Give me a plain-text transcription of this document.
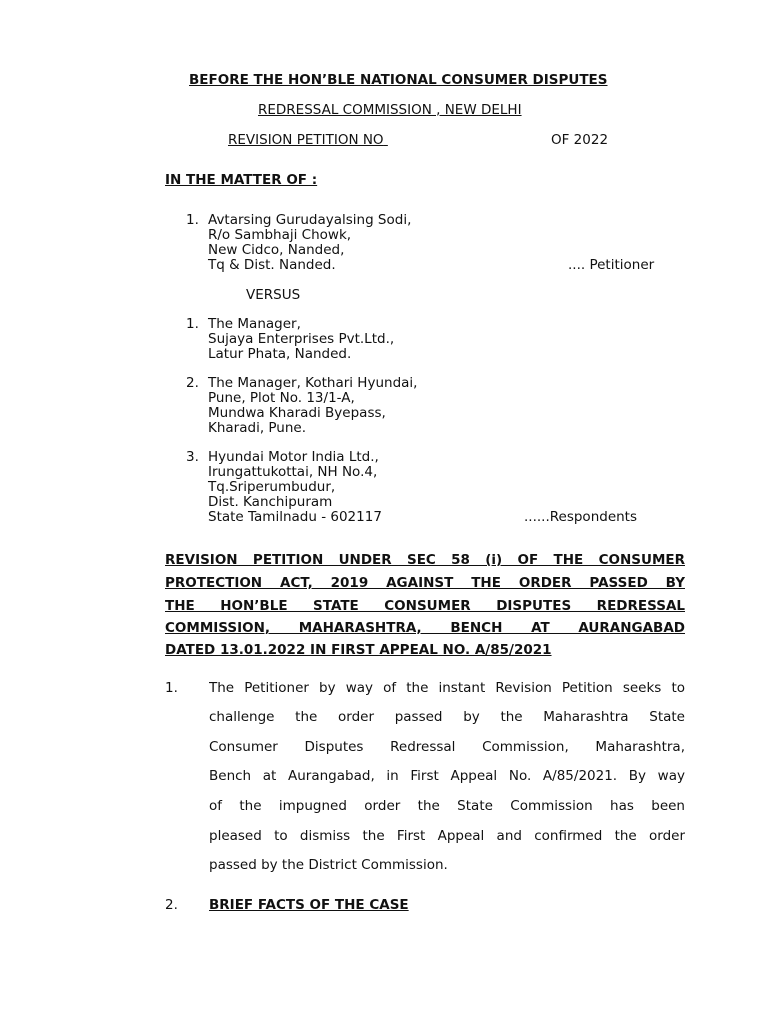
BEFORE THE HON’BLE NATIONAL CONSUMER DISPUTES
REDRESSAL COMMISSION , NEW DELHI
REVISION PETITION NO	OF 2022
IN THE MATTER OF :
1. Avtarsing Gurudayalsing Sodi,
R/o Sambhaji Chowk,
New Cidco, Nanded,
Tq & Dist. Nanded.	.... Petitioner
VERSUS
1. The Manager,
Sujaya Enterprises Pvt.Ltd.,
Latur Phata, Nanded.
2. The Manager, Kothari Hyundai,
Pune, Plot No. 13/1-A,
Mundwa Kharadi Byepass,
Kharadi, Pune.
3. Hyundai Motor India Ltd.,
Irungattukottai, NH No.4,
Tq.Sriperumbudur,
Dist. Kanchipuram
State Tamilnadu - 602117	......Respondents
REVISION PETITION UNDER SEC 58 (i) OF THE CONSUMER
PROTECTION ACT, 2019 AGAINST THE ORDER PASSED BY
THE HON’BLE STATE CONSUMER DISPUTES REDRESSAL
COMMISSION, MAHARASHTRA, BENCH AT AURANGABAD
DATED 13.01.2022 IN FIRST APPEAL NO. A/85/2021
1. The Petitioner by way of the instant Revision Petition seeks to
challenge the order passed by the Maharashtra State
Consumer Disputes Redressal Commission, Maharashtra,
Bench at Aurangabad, in First Appeal No. A/85/2021. By way
of the impugned order the State Commission has been
pleased to dismiss the First Appeal and confirmed the order
passed by the District Commission.
2. BRIEF FACTS OF THE CASE
